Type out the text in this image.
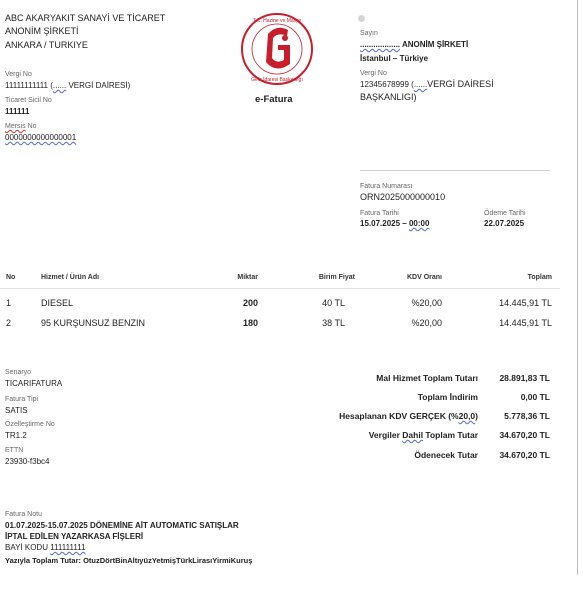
ABC AKARYAKIT SANAYİ VE TİCARET
ANONİM ŞİRKETİ
ANKARA / TURKIYE
Vergi No
11111111111 (...... VERGİ DAİRESİ)
Ticaret Sicil No
111111
Mersis No
0000000000000001
T.C. Hazine ve Maliye
Gelir İdaresi Başkanlığı
e-Fatura
Sayın
.................. ANONİM ŞİRKETİ
İstanbul – Türkiye
Vergi No
12345678999 (......VERGİ DAİRESİ
BAŞKANLIGI)
Fatura Numarası
ORN2025000000010
Fatura Tarihi
15.07.2025 – 00:00
Ödeme Tarihi
22.07.2025
No	Hizmet / Ürün Adı	Miktar	Birim Fiyat	KDV Oranı	Toplam
1	DIESEL	200	40 TL	%20,00	14.445,91 TL
2	95 KURŞUNSUZ BENZIN	180	38 TL	%20,00	14.445,91 TL
Senaryo
TICARIFATURA
Fatura Tipi
SATIS
Özelleştirme No
TR1.2
ETTN
23930-f3bc4
Mal Hizmet Toplam Tutarı	28.891,83 TL
Toplam İndirim	0,00 TL
Hesaplanan KDV GERÇEK (%20,0)	5.778,36 TL
Vergiler Dahil Toplam Tutar	34.670,20 TL
Ödenecek Tutar	34.670,20 TL
Fatura Notu
01.07.2025-15.07.2025 DÖNEMİNE AİT AUTOMATIC SATIŞLAR
İPTAL EDİLEN YAZARKASA FİŞLERİ
BAYİ KODU 111111111
Yazıyla Toplam Tutar: OtuzDörtBinAltıyüzYetmişTürkLirasıYirmiKuruş
